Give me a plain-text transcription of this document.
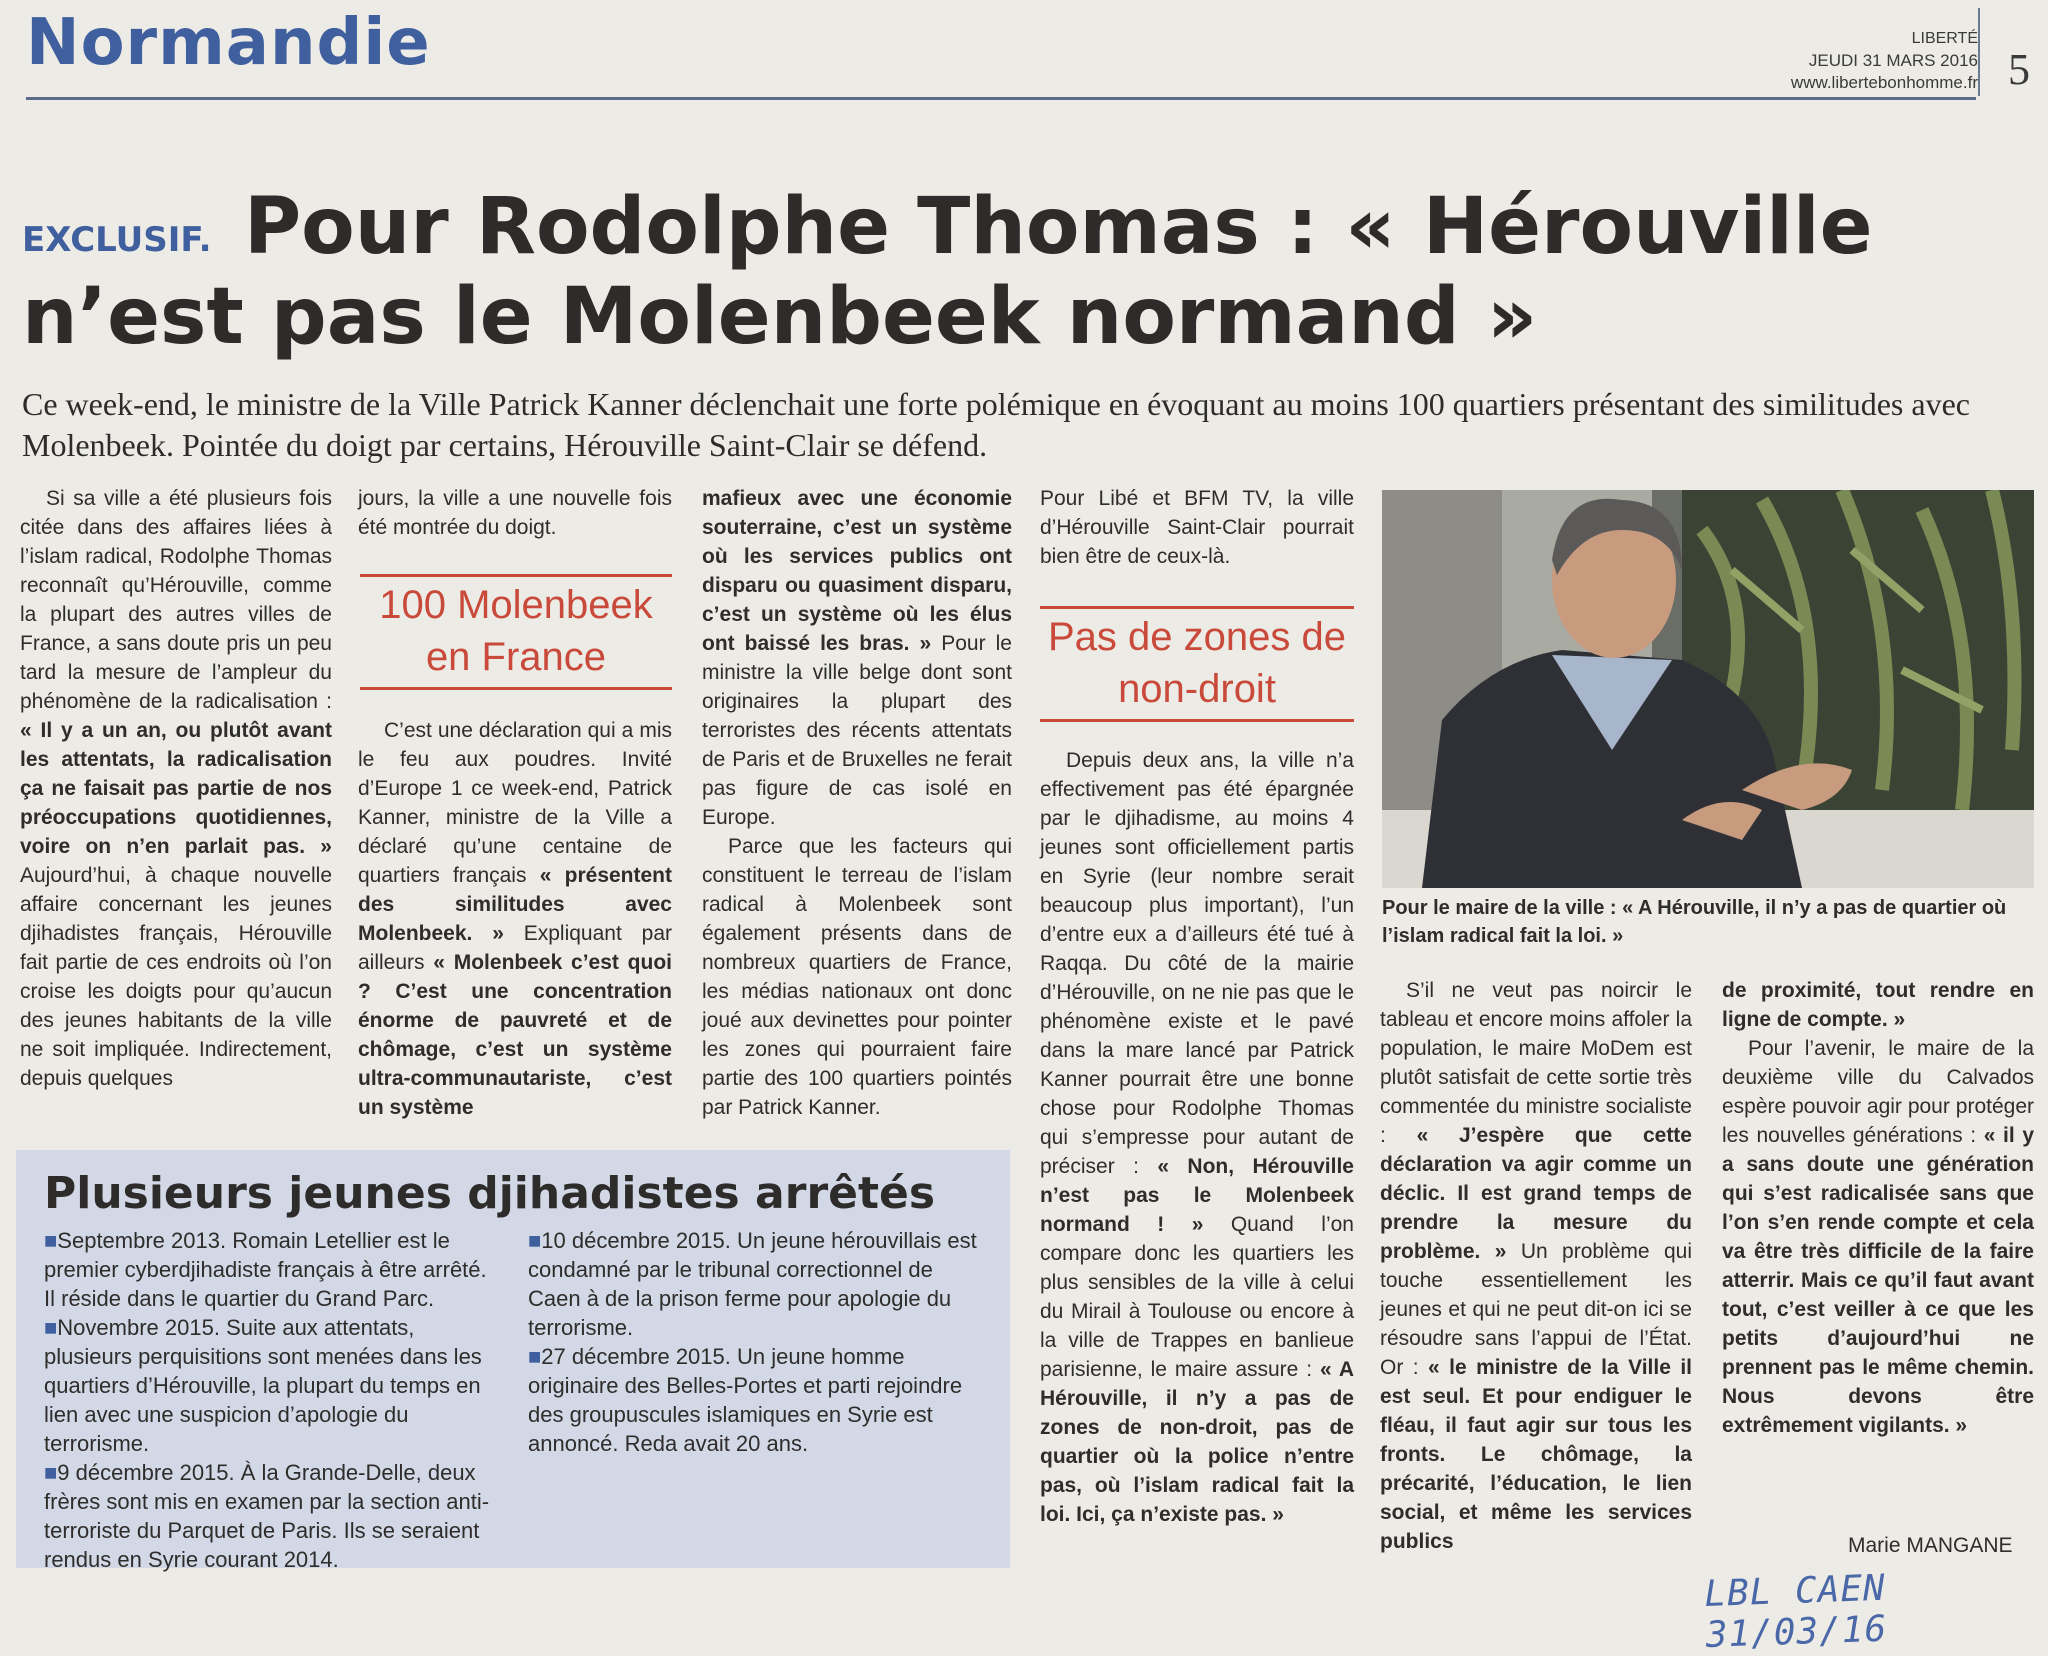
Normandie	LIBERTÉ
JEUDI 31 MARS 2016
www.libertebonhomme.fr 5
EXCLUSIF. Pour Rodolphe Thomas : « Hérouville
n’est pas le Molenbeek normand »
Ce week-end, le ministre de la Ville Patrick Kanner déclenchait une forte polémique en évoquant au moins 100 quartiers présentant des similitudes avec Molenbeek. Pointée du doigt par certains, Hérouville Saint-Clair se défend.

Si sa ville a été plusieurs fois citée dans des affaires liées à l’islam radical, Rodolphe Thomas reconnaît qu’Hérouville, comme la plupart des autres villes de France, a sans doute pris un peu tard la mesure de l’ampleur du phénomène de la radicalisation : « Il y a un an, ou plutôt avant les attentats, la radicalisation ça ne faisait pas partie de nos préoccupations quotidiennes, voire on n’en parlait pas. » Aujourd’hui, à chaque nouvelle affaire concernant les jeunes djihadistes français, Hérouville fait partie de ces endroits où l’on croise les doigts pour qu’aucun des jeunes habitants de la ville ne soit impliquée. Indirectement, depuis quelques

jours, la ville a une nouvelle fois été montrée du doigt.

100 Molenbeek en France

C’est une déclaration qui a mis le feu aux poudres. Invité d’Europe 1 ce week-end, Patrick Kanner, ministre de la Ville a déclaré qu’une centaine de quartiers français « présentent des similitudes avec Molenbeek. » Expliquant par ailleurs « Molenbeek c’est quoi ? C’est une concentration énorme de pauvreté et de chômage, c’est un système ultra-communautariste, c’est un système

mafieux avec une économie souterraine, c’est un système où les services publics ont disparu ou quasiment disparu, c’est un système où les élus ont baissé les bras. » Pour le ministre la ville belge dont sont originaires la plupart des terroristes des récents attentats de Paris et de Bruxelles ne ferait pas figure de cas isolé en Europe.

Parce que les facteurs qui constituent le terreau de l’islam radical à Molenbeek sont également présents dans de nombreux quartiers de France, les médias nationaux ont donc joué aux devinettes pour pointer les zones qui pourraient faire partie des 100 quartiers pointés par Patrick Kanner.

Pour Libé et BFM TV, la ville d’Hérouville Saint-Clair pourrait bien être de ceux-là.

Pas de zones de non-droit

Depuis deux ans, la ville n’a effectivement pas été épargnée par le djihadisme, au moins 4 jeunes sont officiellement partis en Syrie (leur nombre serait beaucoup plus important), l’un d’entre eux a d’ailleurs été tué à Raqqa. Du côté de la mairie d’Hérouville, on ne nie pas que le phénomène existe et le pavé dans la mare lancé par Patrick Kanner pourrait être une bonne chose pour Rodolphe Thomas qui s’empresse pour autant de préciser : « Non, Hérouville n’est pas le Molenbeek normand ! » Quand l’on compare donc les quartiers les plus sensibles de la ville à celui du Mirail à Toulouse ou encore à la ville de Trappes en banlieue parisienne, le maire assure : « A Hérouville, il n’y a pas de zones de non-droit, pas de quartier où la police n’entre pas, où l’islam radical fait la loi. Ici, ça n’existe pas. »

Pour le maire de la ville : « A Hérouville, il n’y a pas de quartier où l’islam radical fait la loi. »

S’il ne veut pas noircir le tableau et encore moins affoler la population, le maire MoDem est plutôt satisfait de cette sortie très commentée du ministre socialiste : « J’espère que cette déclaration va agir comme un déclic. Il est grand temps de prendre la mesure du problème. » Un problème qui touche essentiellement les jeunes et qui ne peut dit-on ici se résoudre sans l’appui de l’État. Or : « le ministre de la Ville il est seul. Et pour endiguer le fléau, il faut agir sur tous les fronts. Le chômage, la précarité, l’éducation, le lien social, et même les services publics

de proximité, tout rendre en ligne de compte. »

Pour l’avenir, le maire de la deuxième ville du Calvados espère pouvoir agir pour protéger les nouvelles générations : « il y a sans doute une génération qui s’est radicalisée sans que l’on s’en rende compte et cela va être très difficile de la faire atterrir. Mais ce qu’il faut avant tout, c’est veiller à ce que les petits d’aujourd’hui ne prennent pas le même chemin. Nous devons être extrêmement vigilants. »

Plusieurs jeunes djihadistes arrêtés

■Septembre 2013. Romain Letellier est le premier cyberdjihadiste français à être arrêté. Il réside dans le quartier du Grand Parc.

■Novembre 2015. Suite aux attentats, plusieurs perquisitions sont menées dans les quartiers d’Hérouville, la plupart du temps en lien avec une suspicion d’apologie du terrorisme.

■9 décembre 2015. À la Grande-Delle, deux frères sont mis en examen par la section anti-terroriste du Parquet de Paris. Ils se seraient rendus en Syrie courant 2014.

■10 décembre 2015. Un jeune hérouvillais est condamné par le tribunal correctionnel de Caen à de la prison ferme pour apologie du terrorisme.

■27 décembre 2015. Un jeune homme originaire des Belles-Portes et parti rejoindre des groupuscules islamiques en Syrie est annoncé. Reda avait 20 ans.

Marie MANGANE
LBL CAEN 31/03/16
